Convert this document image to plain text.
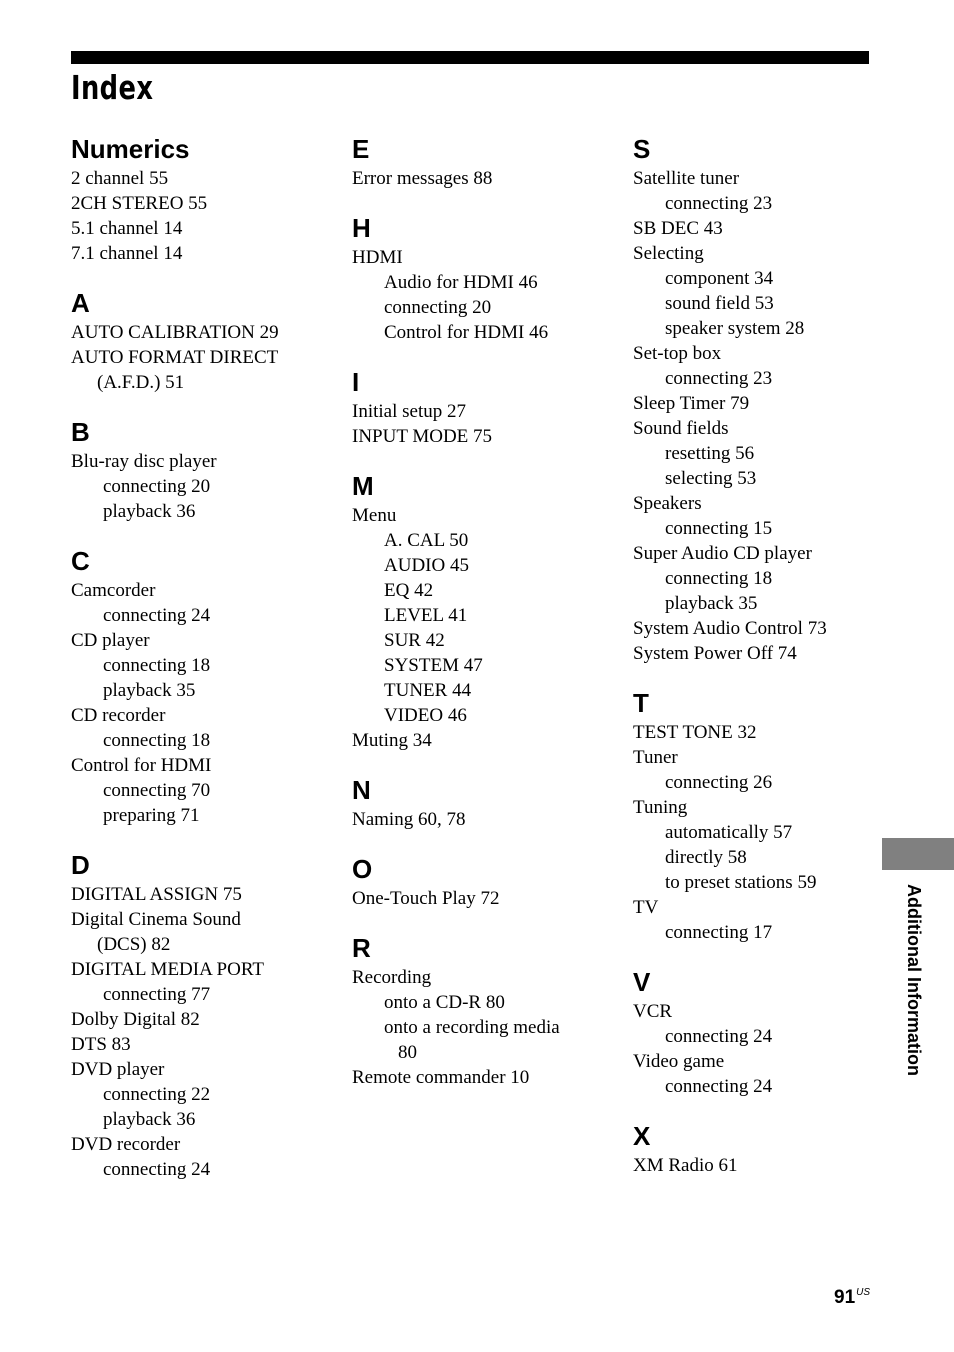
Index
Numerics
2 channel 55
2CH STEREO 55
5.1 channel 14
7.1 channel 14
A
AUTO CALIBRATION 29
AUTO FORMAT DIRECT
(A.F.D.) 51
B
Blu-ray disc player
connecting 20
playback 36
C
Camcorder
connecting 24
CD player
connecting 18
playback 35
CD recorder
connecting 18
Control for HDMI
connecting 70
preparing 71
D
DIGITAL ASSIGN 75
Digital Cinema Sound
(DCS) 82
DIGITAL MEDIA PORT
connecting 77
Dolby Digital 82
DTS 83
DVD player
connecting 22
playback 36
DVD recorder
connecting 24
E
Error messages 88
H
HDMI
Audio for HDMI 46
connecting 20
Control for HDMI 46
I
Initial setup 27
INPUT MODE 75
M
Menu
A. CAL 50
AUDIO 45
EQ 42
LEVEL 41
SUR 42
SYSTEM 47
TUNER 44
VIDEO 46
Muting 34
N
Naming 60, 78
O
One-Touch Play 72
R
Recording
onto a CD-R 80
onto a recording media
80
Remote commander 10
S
Satellite tuner
connecting 23
SB DEC 43
Selecting
component 34
sound field 53
speaker system 28
Set-top box
connecting 23
Sleep Timer 79
Sound fields
resetting 56
selecting 53
Speakers
connecting 15
Super Audio CD player
connecting 18
playback 35
System Audio Control 73
System Power Off 74
T
TEST TONE 32
Tuner
connecting 26
Tuning
automatically 57
directly 58
to preset stations 59
TV
connecting 17
V
VCR
connecting 24
Video game
connecting 24
X
XM Radio 61
Additional Information
$91^{US}$
